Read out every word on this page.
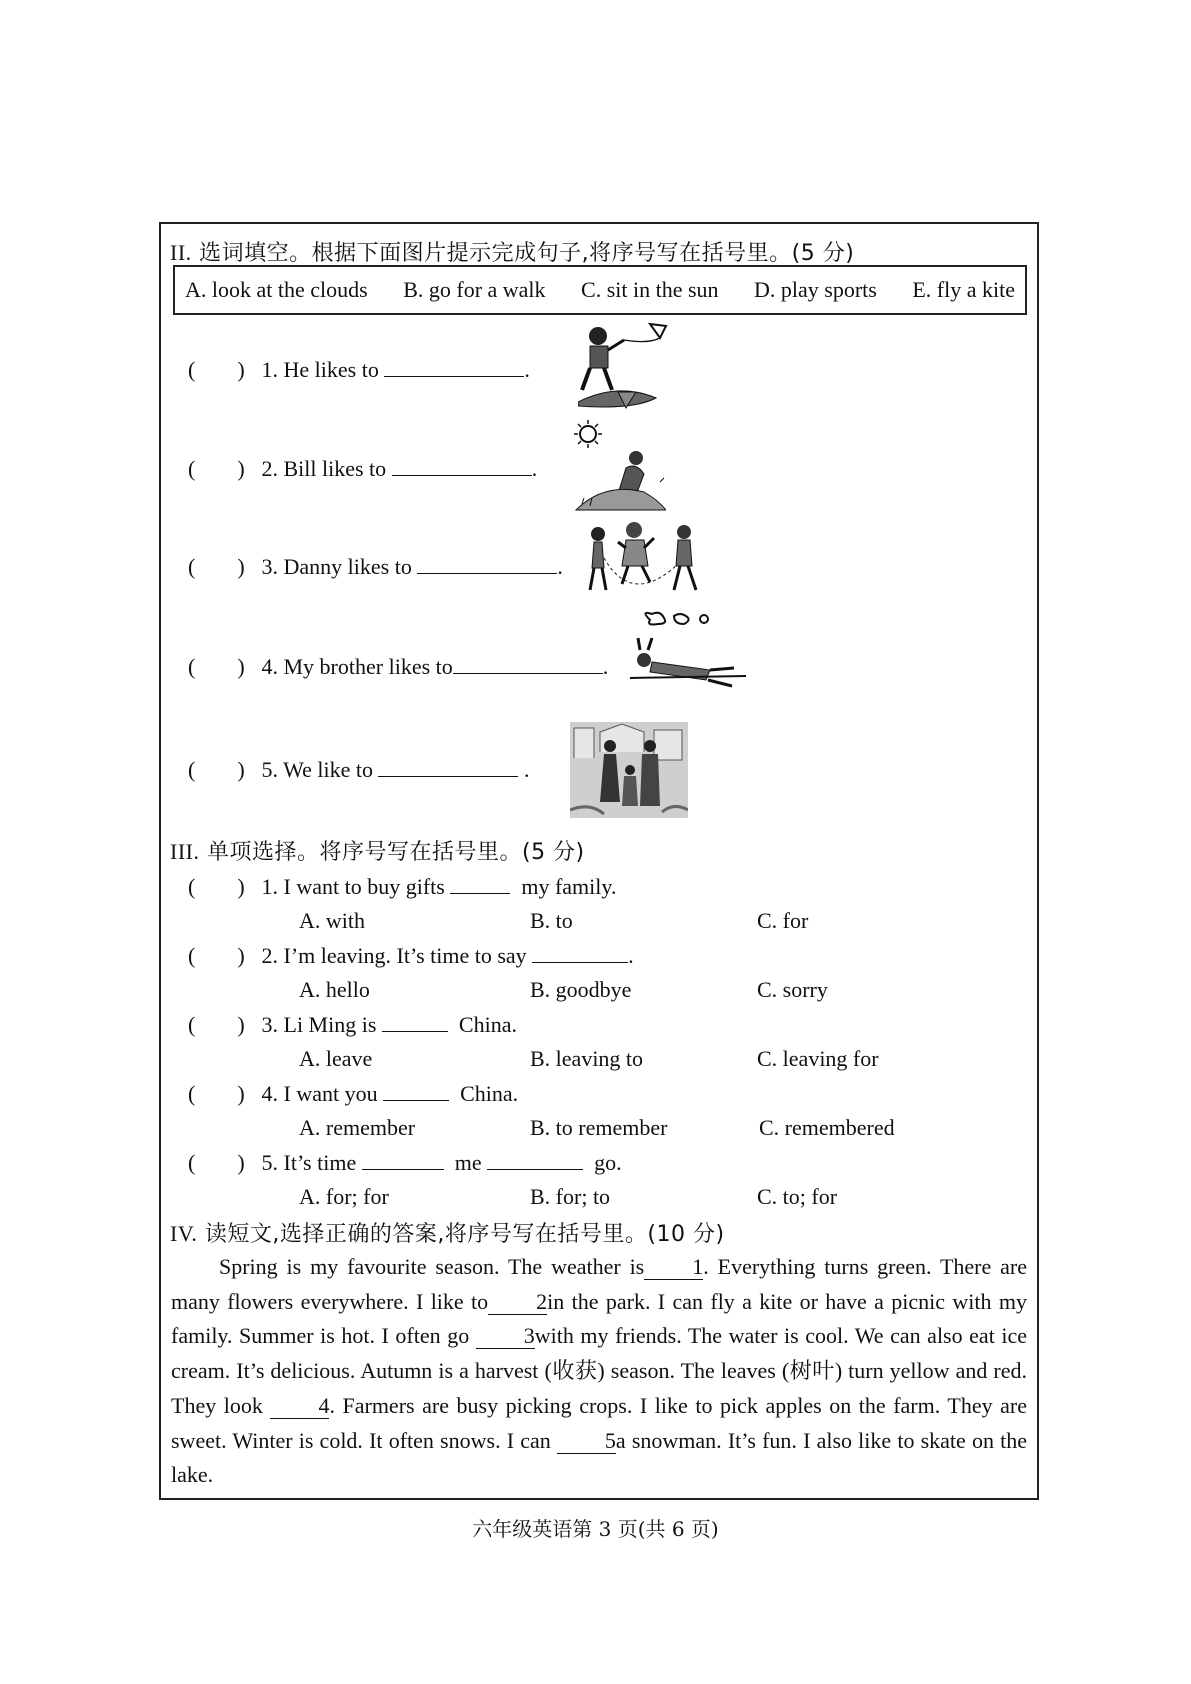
II. 选词填空。根据下面图片提示完成句子,将序号写在括号里。(5 分)
A. look at the clouds B. go for a walk C. sit in the sun D. play sports E. fly a kite
( ) 1. He likes to	.
( ) 2. Bill likes to	.
( ) 3. Danny likes to	.
( ) 4. My brother likes to	.
( ) 5. We like to	.
III. 单项选择。将序号写在括号里。(5 分)
( ) 1. I want to buy gifts	my family.
A. with	B. to	C. for
( ) 2. I’m leaving. It’s time to say	.
A. hello	B. goodbye	C. sorry
( ) 3. Li Ming is	China.
A. leave	B. leaving to	C. leaving for
( ) 4. I want you	China.
A. remember	B. to remember	C. remembered
( ) 5. It’s time	me	go.
A. for; for	B. for; to	C. to; for
IV. 读短文,选择正确的答案,将序号写在括号里。(10 分)

Spring is my favourite season. The weather is 1. Everything turns green. There are many flowers everywhere. I like to 2in the park. I can fly a kite or have a picnic with my family. Summer is hot. I often go 3with my friends. The water is cool. We can also eat ice cream. It’s delicious. Autumn is a harvest (收获) season. The leaves (树叶) turn yellow and red. They look	4. Farmers are busy picking crops. I like to pick apples on the farm. They are sweet. Winter is cold. It often snows. I can 5a snowman. It’s fun. I also like to skate on the lake.

六年级英语第 3 页(共 6 页)
